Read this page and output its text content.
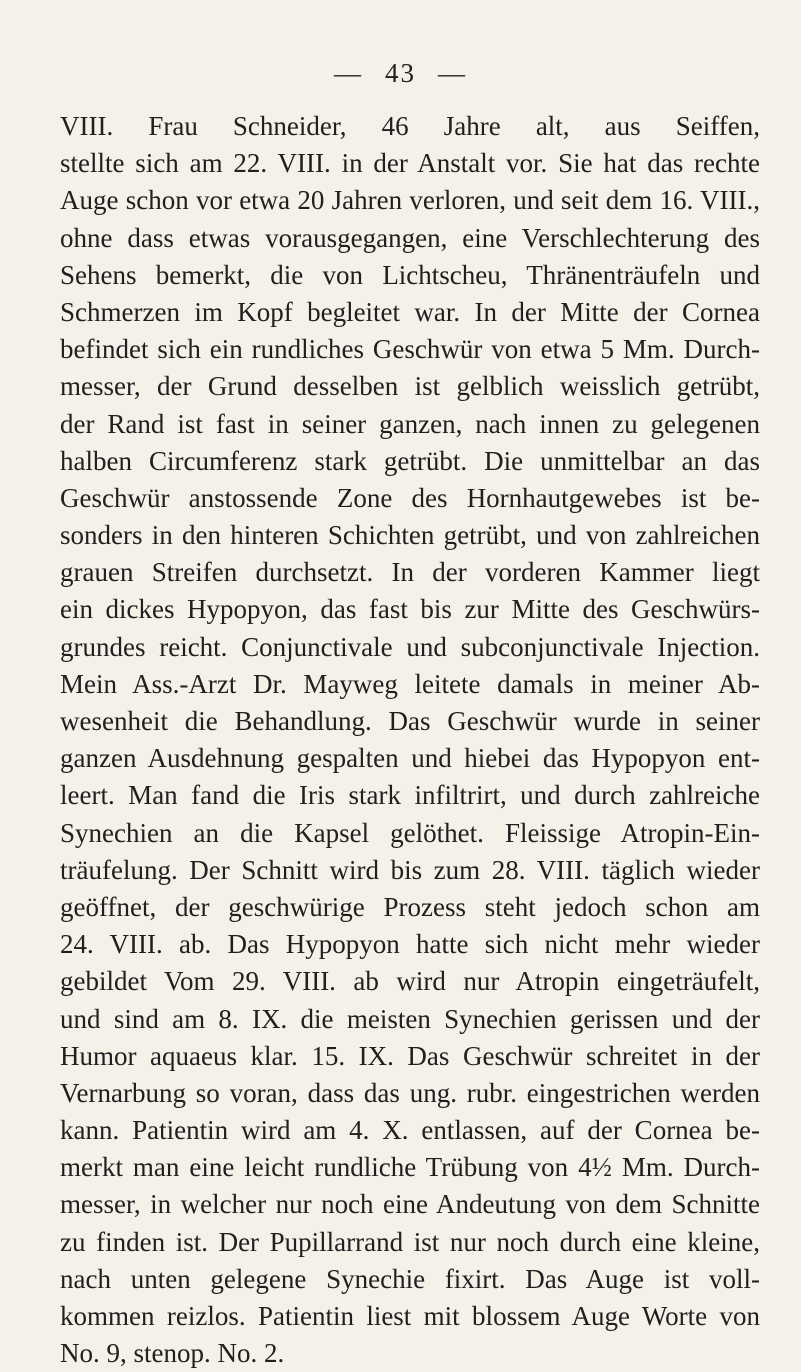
— 43 —
VIII. Frau Schneider, 46 Jahre alt, aus Seiffen,
stellte sich am 22. VIII. in der Anstalt vor. Sie hat das rechte
Auge schon vor etwa 20 Jahren verloren, und seit dem 16. VIII.,
ohne dass etwas vorausgegangen, eine Verschlechterung des
Sehens bemerkt, die von Lichtscheu, Thränenträufeln und
Schmerzen im Kopf begleitet war. In der Mitte der Cornea
befindet sich ein rundliches Geschwür von etwa 5 Mm. Durch-
messer, der Grund desselben ist gelblich weisslich getrübt,
der Rand ist fast in seiner ganzen, nach innen zu gelegenen
halben Circumferenz stark getrübt. Die unmittelbar an das
Geschwür anstossende Zone des Hornhautgewebes ist be-
sonders in den hinteren Schichten getrübt, und von zahlreichen
grauen Streifen durchsetzt. In der vorderen Kammer liegt
ein dickes Hypopyon, das fast bis zur Mitte des Geschwürs-
grundes reicht. Conjunctivale und subconjunctivale Injection.
Mein Ass.-Arzt Dr. Mayweg leitete damals in meiner Ab-
wesenheit die Behandlung. Das Geschwür wurde in seiner
ganzen Ausdehnung gespalten und hiebei das Hypopyon ent-
leert. Man fand die Iris stark infiltrirt, und durch zahlreiche
Synechien an die Kapsel gelöthet. Fleissige Atropin-Ein-
träufelung. Der Schnitt wird bis zum 28. VIII. täglich wieder
geöffnet, der geschwürige Prozess steht jedoch schon am
24. VIII. ab. Das Hypopyon hatte sich nicht mehr wieder
gebildet Vom 29. VIII. ab wird nur Atropin eingeträufelt,
und sind am 8. IX. die meisten Synechien gerissen und der
Humor aquaeus klar. 15. IX. Das Geschwür schreitet in der
Vernarbung so voran, dass das ung. rubr. eingestrichen werden
kann. Patientin wird am 4. X. entlassen, auf der Cornea be-
merkt man eine leicht rundliche Trübung von 4½ Mm. Durch-
messer, in welcher nur noch eine Andeutung von dem Schnitte
zu finden ist. Der Pupillarrand ist nur noch durch eine kleine,
nach unten gelegene Synechie fixirt. Das Auge ist voll-
kommen reizlos. Patientin liest mit blossem Auge Worte von
No. 9, stenop. No. 2.
